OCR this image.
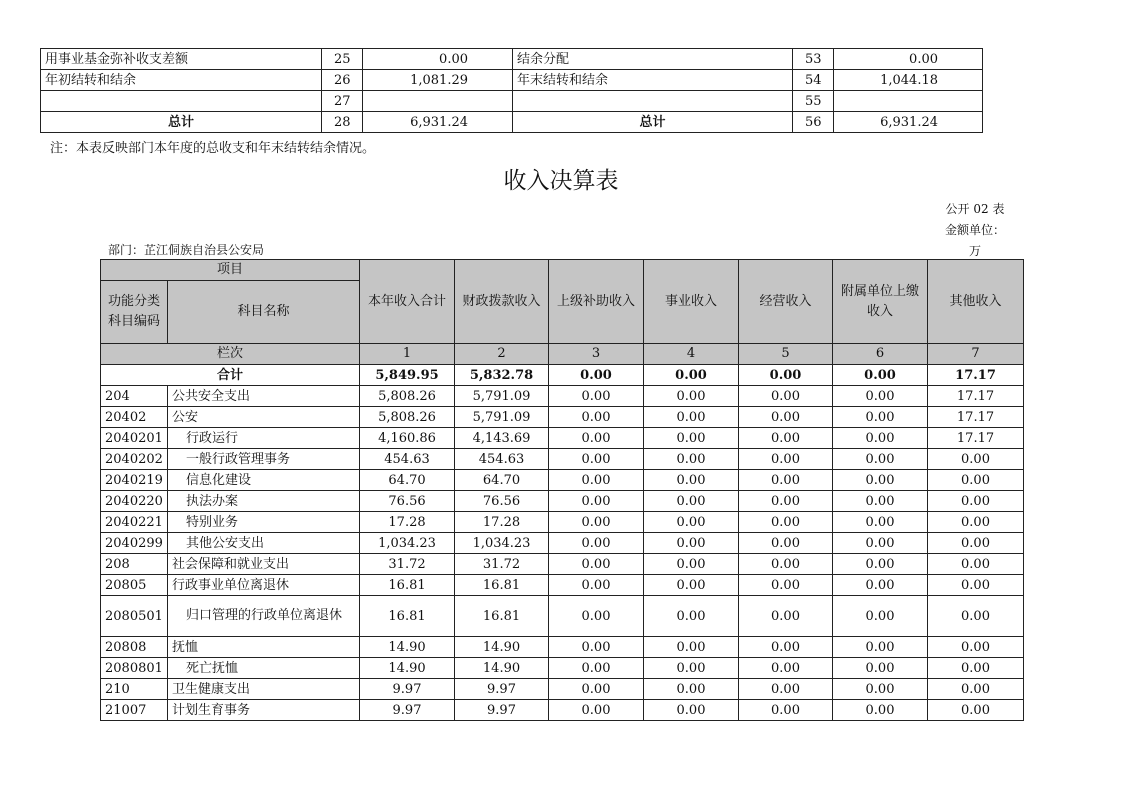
用事业基金弥补收支差额	25	0.00	结余分配	53	0.00
年初结转和结余	26	1,081.29	年末结转和结余	54	1,044.18
	27			55	
总计	28	6,931.24	总计	56	6,931.24
注：本表反映部门本年度的总收支和年末结转结余情况。
收入决算表
公开 02 表
金额单位：万
部门：芷江侗族自治县公安局
项目		本年收入合计	财政拨款收入	上级补助收入	事业收入	经营收入	附属单位上缴收入	其他收入
功能分类科目编码	科目名称							
栏次		1	2	3	4	5	6	7
合计		5,849.95	5,832.78	0.00	0.00	0.00	0.00	17.17
204	公共安全支出	5,808.26	5,791.09	0.00	0.00	0.00	0.00	17.17
20402	公安	5,808.26	5,791.09	0.00	0.00	0.00	0.00	17.17
2040201	行政运行	4,160.86	4,143.69	0.00	0.00	0.00	0.00	17.17
2040202	一般行政管理事务	454.63	454.63	0.00	0.00	0.00	0.00	0.00
2040219	信息化建设	64.70	64.70	0.00	0.00	0.00	0.00	0.00
2040220	执法办案	76.56	76.56	0.00	0.00	0.00	0.00	0.00
2040221	特别业务	17.28	17.28	0.00	0.00	0.00	0.00	0.00
2040299	其他公安支出	1,034.23	1,034.23	0.00	0.00	0.00	0.00	0.00
208	社会保障和就业支出	31.72	31.72	0.00	0.00	0.00	0.00	0.00
20805	行政事业单位离退休	16.81	16.81	0.00	0.00	0.00	0.00	0.00
2080501	归口管理的行政单位离退休	16.81	16.81	0.00	0.00	0.00	0.00	0.00
20808	抚恤	14.90	14.90	0.00	0.00	0.00	0.00	0.00
2080801	死亡抚恤	14.90	14.90	0.00	0.00	0.00	0.00	0.00
210	卫生健康支出	9.97	9.97	0.00	0.00	0.00	0.00	0.00
21007	计划生育事务	9.97	9.97	0.00	0.00	0.00	0.00	0.00
